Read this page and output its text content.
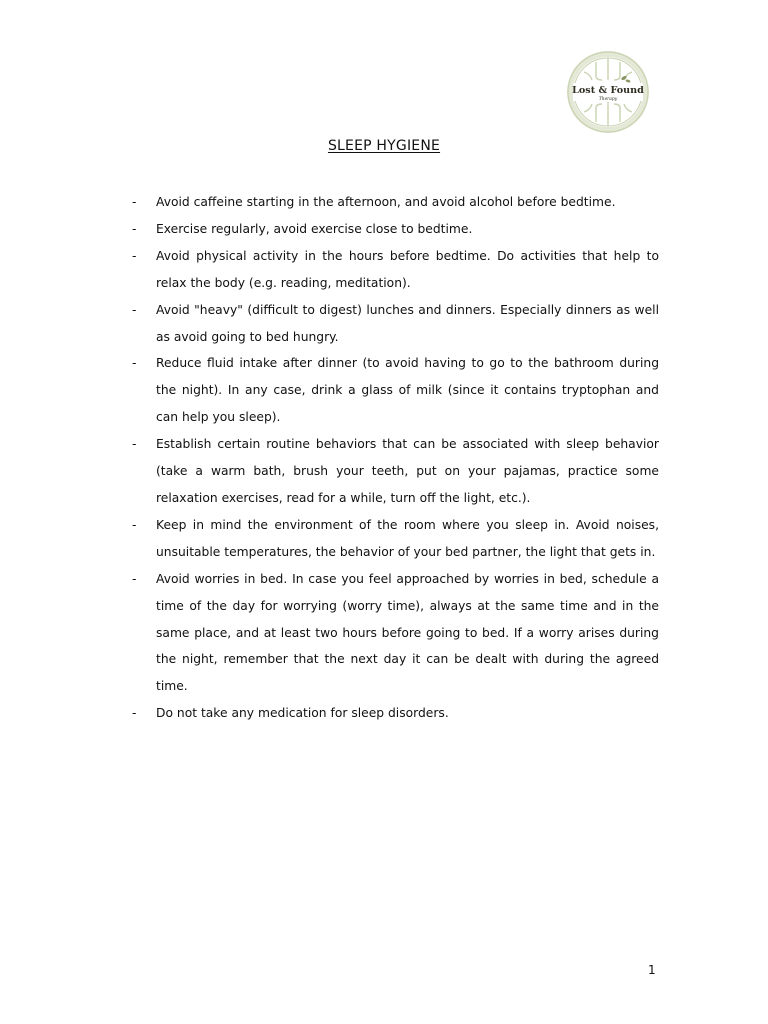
Lost & Found
Therapy
SLEEP HYGIENE
-	Avoid caffeine starting in the afternoon, and avoid alcohol before bedtime.
-	Exercise regularly, avoid exercise close to bedtime.
-	Avoid physical activity in the hours before bedtime. Do activities that help to relax the body (e.g. reading, meditation).
-	Avoid "heavy" (difficult to digest) lunches and dinners. Especially dinners as well as avoid going to bed hungry.
-	Reduce fluid intake after dinner (to avoid having to go to the bathroom during the night). In any case, drink a glass of milk (since it contains tryptophan and can help you sleep).
-	Establish certain routine behaviors that can be associated with sleep behavior (take a warm bath, brush your teeth, put on your pajamas, practice some relaxation exercises, read for a while, turn off the light, etc.).
-	Keep in mind the environment of the room where you sleep in. Avoid noises, unsuitable temperatures, the behavior of your bed partner, the light that gets in.
-	Avoid worries in bed. In case you feel approached by worries in bed, schedule a time of the day for worrying (worry time), always at the same time and in the same place, and at least two hours before going to bed. If a worry arises during the night, remember that the next day it can be dealt with during the agreed time.
-	Do not take any medication for sleep disorders.
1
